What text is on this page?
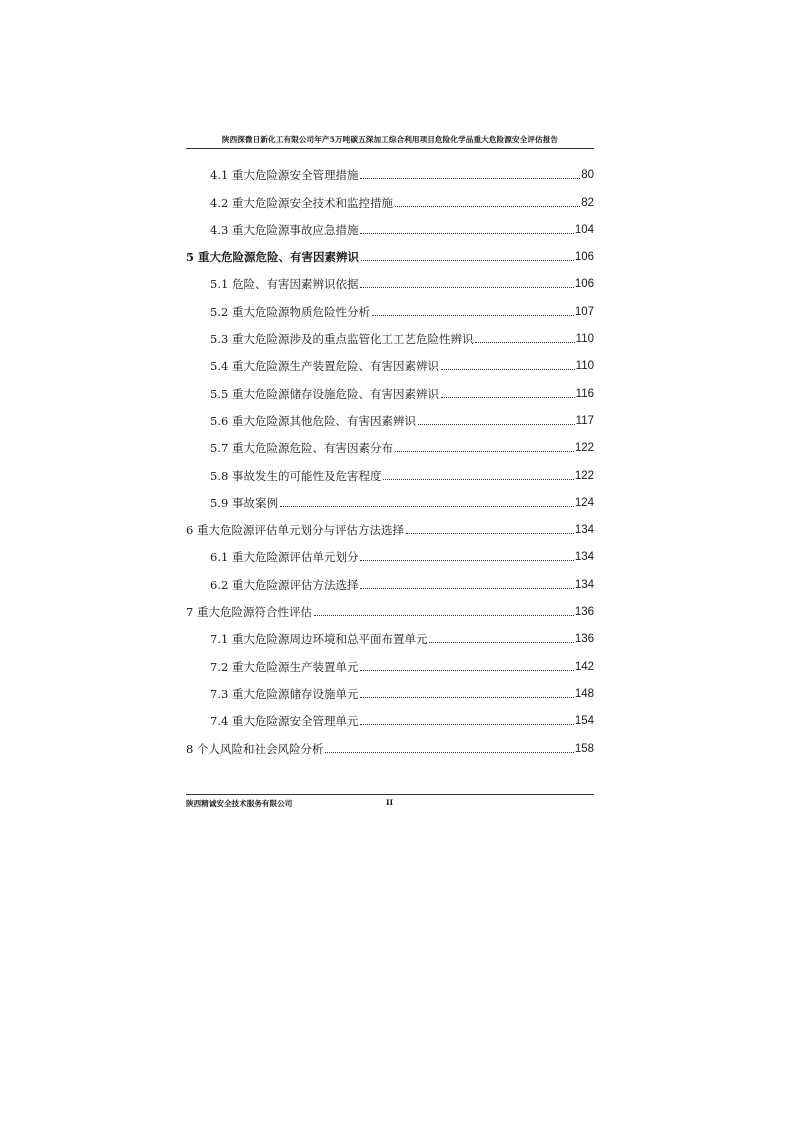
陕西探微日新化工有限公司年产5万吨碳五深加工综合利用项目危险化学品重大危险源安全评估报告
4.1 重大危险源安全管理措施	80
4.2 重大危险源安全技术和监控措施	82
4.3 重大危险源事故应急措施	104
5 重大危险源危险、有害因素辨识	106
5.1 危险、有害因素辨识依据	106
5.2 重大危险源物质危险性分析	107
5.3 重大危险源涉及的重点监管化工工艺危险性辨识	110
5.4 重大危险源生产装置危险、有害因素辨识	110
5.5 重大危险源储存设施危险、有害因素辨识	116
5.6 重大危险源其他危险、有害因素辨识	117
5.7 重大危险源危险、有害因素分布	122
5.8 事故发生的可能性及危害程度	122
5.9 事故案例	124
6 重大危险源评估单元划分与评估方法选择	134
6.1 重大危险源评估单元划分	134
6.2 重大危险源评估方法选择	134
7 重大危险源符合性评估	136
7.1 重大危险源周边环境和总平面布置单元	136
7.2 重大危险源生产装置单元	142
7.3 重大危险源储存设施单元	148
7.4 重大危险源安全管理单元	154
8 个人风险和社会风险分析	158
陕西精诚安全技术服务有限公司	II
